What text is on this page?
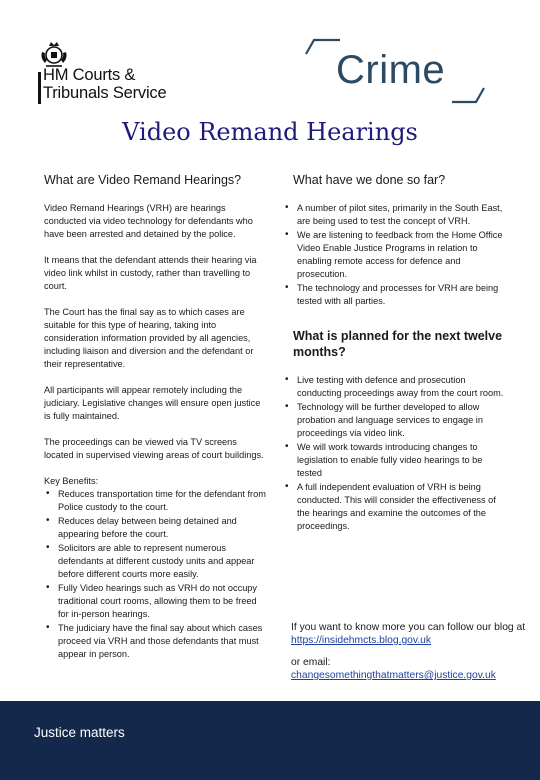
HM Courts &
Tribunals Service
Crime
Video Remand Hearings
What are Video Remand Hearings?

Video Remand Hearings (VRH) are hearings conducted via video technology for defendants who have been arrested and detained by the police.

It means that the defendant attends their hearing via video link whilst in custody, rather than travelling to court.

The Court has the final say as to which cases are suitable for this type of hearing, taking into consideration information provided by all agencies, including liaison and diversion and the defendant or their representative.

All participants will appear remotely including the judiciary. Legislative changes will ensure open justice is fully maintained.

The proceedings can be viewed via TV screens located in supervised viewing areas of court buildings.

Key Benefits:
• Reduces transportation time for the defendant from Police custody to the court.
• Reduces delay between being detained and appearing before the court.
• Solicitors are able to represent numerous defendants at different custody units and appear before different courts more easily.
• Fully Video hearings such as VRH do not occupy traditional court rooms, allowing them to be freed for in-person hearings.
• The judiciary have the final say about which cases proceed via VRH and those defendants that must appear in person.
What have we done so far?
• A number of pilot sites, primarily in the South East, are being used to test the concept of VRH.
• We are listening to feedback from the Home Office Video Enable Justice Programs in relation to enabling remote access for defence and prosecution.
• The technology and processes for VRH are being tested with all parties.
What is planned for the next twelve months?
• Live testing with defence and prosecution conducting proceedings away from the court room.
• Technology will be further developed to allow probation and language services to engage in proceedings via video link.
• We will work towards introducing changes to legislation to enable fully video hearings to be tested
• A full independent evaluation of VRH is being conducted. This will consider the effectiveness of the hearings and examine the outcomes of the proceedings.
If you want to know more you can follow our blog at https://insidehmcts.blog.gov.uk
or email:
changesomethingthatmatters@justice.gov.uk
Justice matters
